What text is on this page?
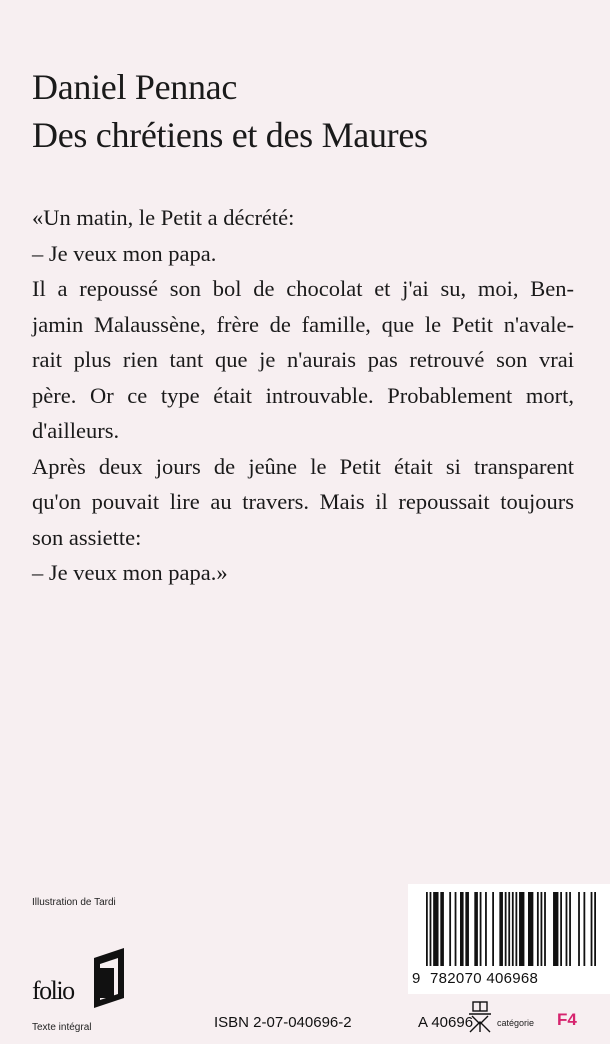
Daniel Pennac
Des chrétiens et des Maures
«Un matin, le Petit a décrété:
– Je veux mon papa.
Il a repoussé son bol de chocolat et j'ai su, moi, Ben-
jamin Malaussène, frère de famille, que le Petit n'avale-
rait plus rien tant que je n'aurais pas retrouvé son vrai
père. Or ce type était introuvable. Probablement mort,
d'ailleurs.
Après deux jours de jeûne le Petit était si transparent
qu'on pouvait lire au travers. Mais il repoussait toujours
son assiette:
– Je veux mon papa.»
Illustration de Tardi
folio
Texte intégral	ISBN 2-07-040696-2	A 40696	catégorie F4
9 782070 406968
